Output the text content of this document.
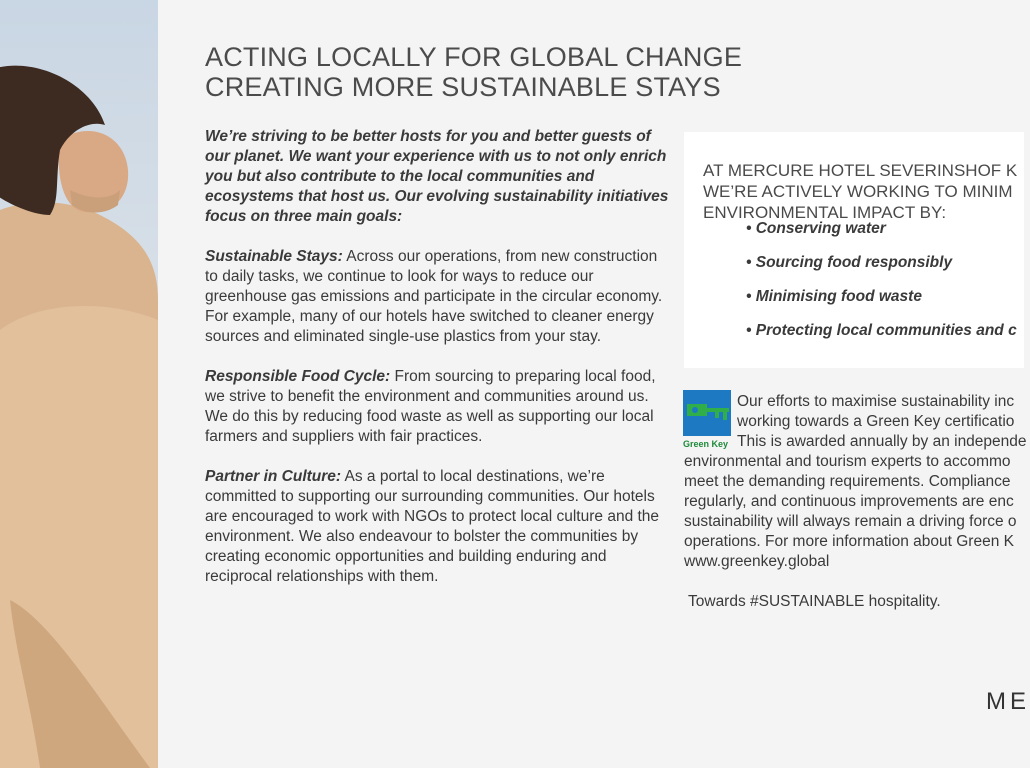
ACTING LOCALLY FOR GLOBAL CHANGE
CREATING MORE SUSTAINABLE STAYS

We’re striving to be better hosts for you and better guests of our planet. We want your experience with us to not only enrich you but also contribute to the local communities and ecosystems that host us. Our evolving sustainability initiatives focus on three main goals:

Sustainable Stays: Across our operations, from new construction to daily tasks, we continue to look for ways to reduce our greenhouse gas emissions and participate in the circular economy. For example, many of our hotels have switched to cleaner energy sources and eliminated single-use plastics from your stay.

Responsible Food Cycle: From sourcing to preparing local food, we strive to benefit the environment and communities around us. We do this by reducing food waste as well as supporting our local farmers and suppliers with fair practices.

Partner in Culture: As a portal to local destinations, we’re committed to supporting our surrounding communities. Our hotels are encouraged to work with NGOs to protect local culture and the environment. We also endeavour to bolster the communities by creating economic opportunities and building enduring and reciprocal relationships with them.

AT MERCURE HOTEL SEVERINSHOF K
WE’RE ACTIVELY WORKING TO MINIM
ENVIRONMENTAL IMPACT BY:
• Conserving water
• Sourcing food responsibly
• Minimising food waste
• Protecting local communities and c
Our efforts to maximise sustainability inc
working towards a Green Key certificatio
This is awarded annually by an independe
environmental and tourism experts to accommo
meet the demanding requirements. Compliance
regularly, and continuous improvements are enc
sustainability will always remain a driving force o
operations. For more information about Green K
www.greenkey.global
Green Key
Towards #SUSTAINABLE hospitality.
ME
